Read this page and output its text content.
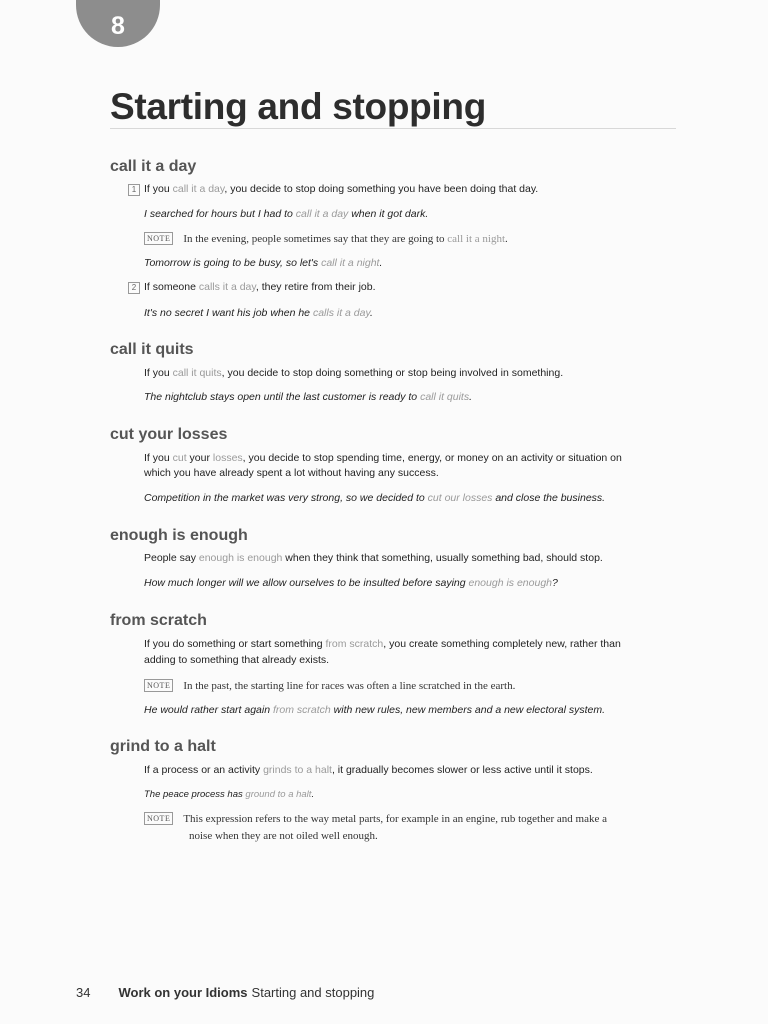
8
Starting and stopping
call it a day
1 If you call it a day, you decide to stop doing something you have been doing that day.

I searched for hours but I had to call it a day when it got dark.

NOTE In the evening, people sometimes say that they are going to call it a night.

Tomorrow is going to be busy, so let's call it a night.

2 If someone calls it a day, they retire from their job.

It's no secret I want his job when he calls it a day.

call it quits

If you call it quits, you decide to stop doing something or stop being involved in something.

The nightclub stays open until the last customer is ready to call it quits.

cut your losses

If you cut your losses, you decide to stop spending time, energy, or money on an activity or situation on

which you have already spent a lot without having any success.

Competition in the market was very strong, so we decided to cut our losses and close the business.

enough is enough

People say enough is enough when they think that something, usually something bad, should stop.

How much longer will we allow ourselves to be insulted before saying enough is enough?

from scratch

If you do something or start something from scratch, you create something completely new, rather than

adding to something that already exists.

NOTE In the past, the starting line for races was often a line scratched in the earth.

He would rather start again from scratch with new rules, new members and a new electoral system.

grind to a halt

If a process or an activity grinds to a halt, it gradually becomes slower or less active until it stops.

The peace process has ground to a halt.

NOTE This expression refers to the way metal parts, for example in an engine, rub together and make a

noise when they are not oiled well enough.

34 Work on your Idioms Starting and stopping
